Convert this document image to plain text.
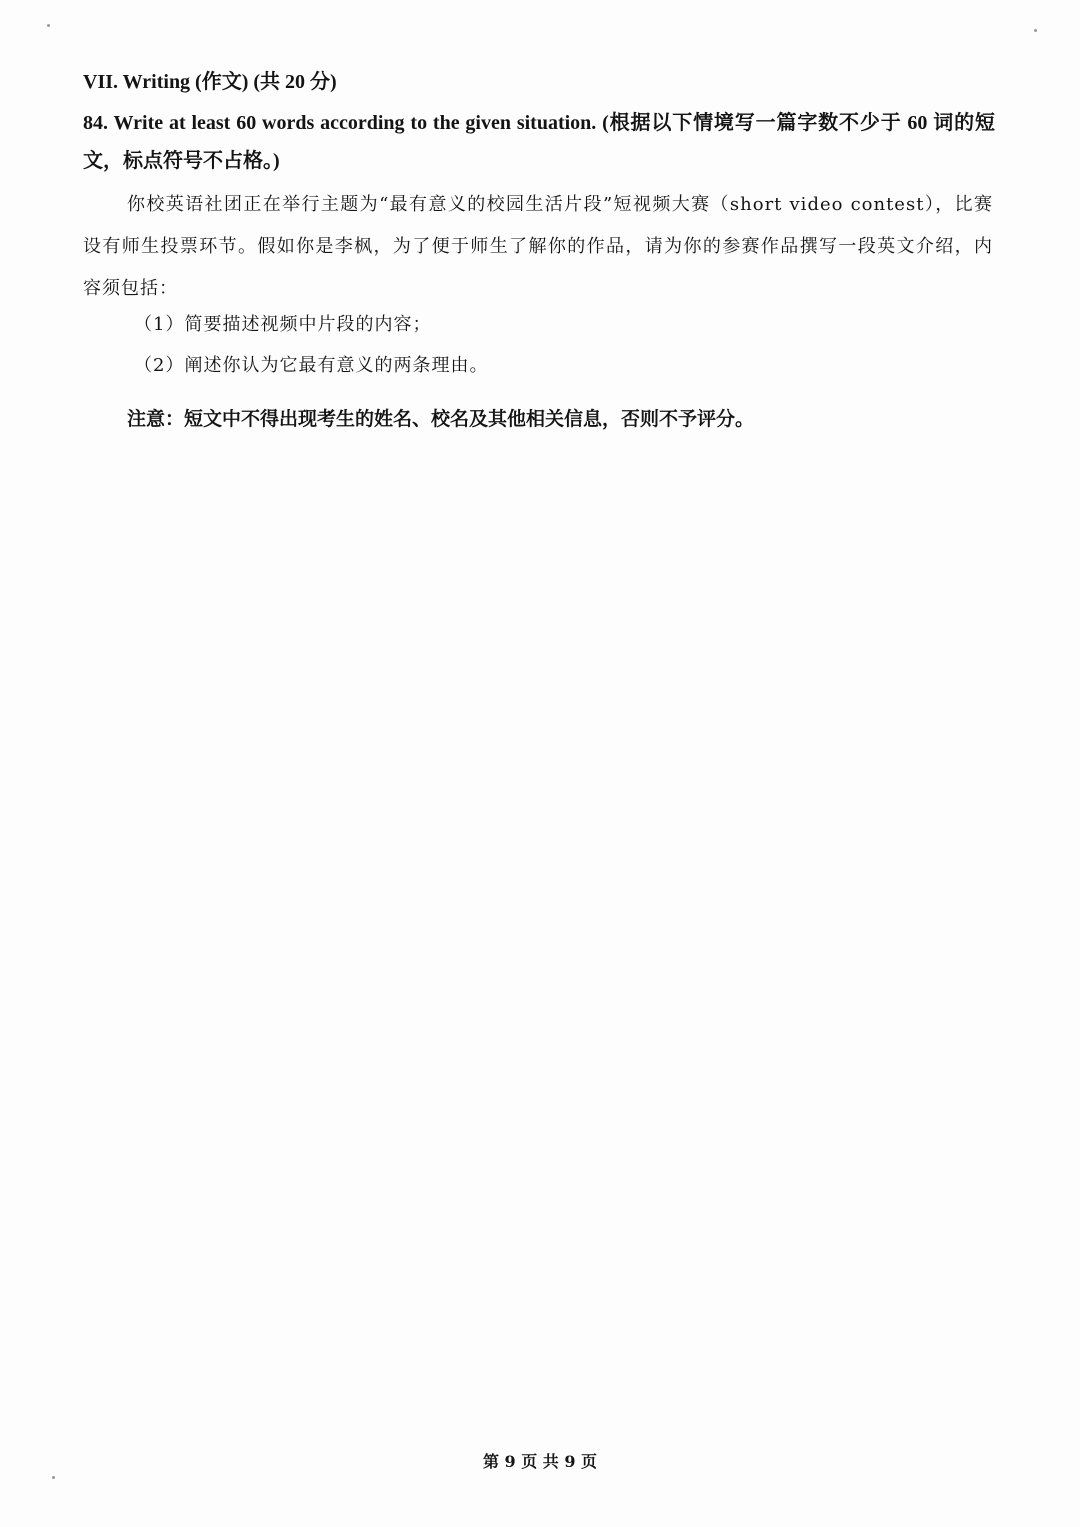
VII. Writing (作文) (共 20 分)
84. Write at least 60 words according to the given situation. (根据以下情境写一篇字数不少于 60 词的短文，标点符号不占格。)
你校英语社团正在举行主题为“最有意义的校园生活片段”短视频大赛（short video contest），比赛设有师生投票环节。假如你是李枫，为了便于师生了解你的作品，请为你的参赛作品撰写一段英文介绍，内容须包括：
（1）简要描述视频中片段的内容；
（2）阐述你认为它最有意义的两条理由。
注意：短文中不得出现考生的姓名、校名及其他相关信息，否则不予评分。
第 9 页 共 9 页
